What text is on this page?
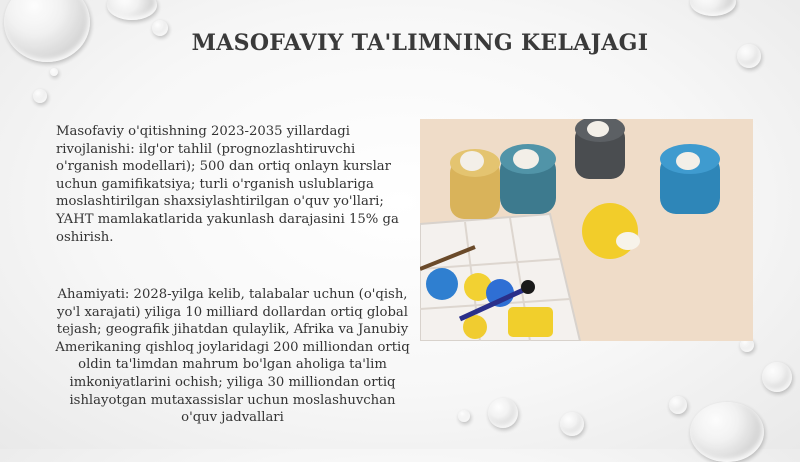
MASOFAVIY TA'LIMNING KELAJAGI
Masofaviy o'qitishning 2023-2035 yillardagi rivojlanishi: ilg'or tahlil (prognozlashtiruvchi o'rganish modellari); 500 dan ortiq onlayn kurslar uchun gamifikatsiya; turli o'rganish uslublariga moslashtirilgan shaxsiylashtirilgan o'quv yo'llari; YAHT mamlakatlarida yakunlash darajasini 15% ga oshirish.
Ahamiyati: 2028-yilga kelib, talabalar uchun (o'qish, yo'l xarajati) yiliga 10 milliard dollardan ortiq global tejash; geografik jihatdan qulaylik, Afrika va Janubiy Amerikaning qishloq joylaridagi 200 milliondan ortiq oldin ta'limdan mahrum bo'lgan aholiga ta'lim imkoniyatlarini ochish; yiliga 30 milliondan ortiq ishlayotgan mutaxassislar uchun moslashuvchan o'quv jadvallari
